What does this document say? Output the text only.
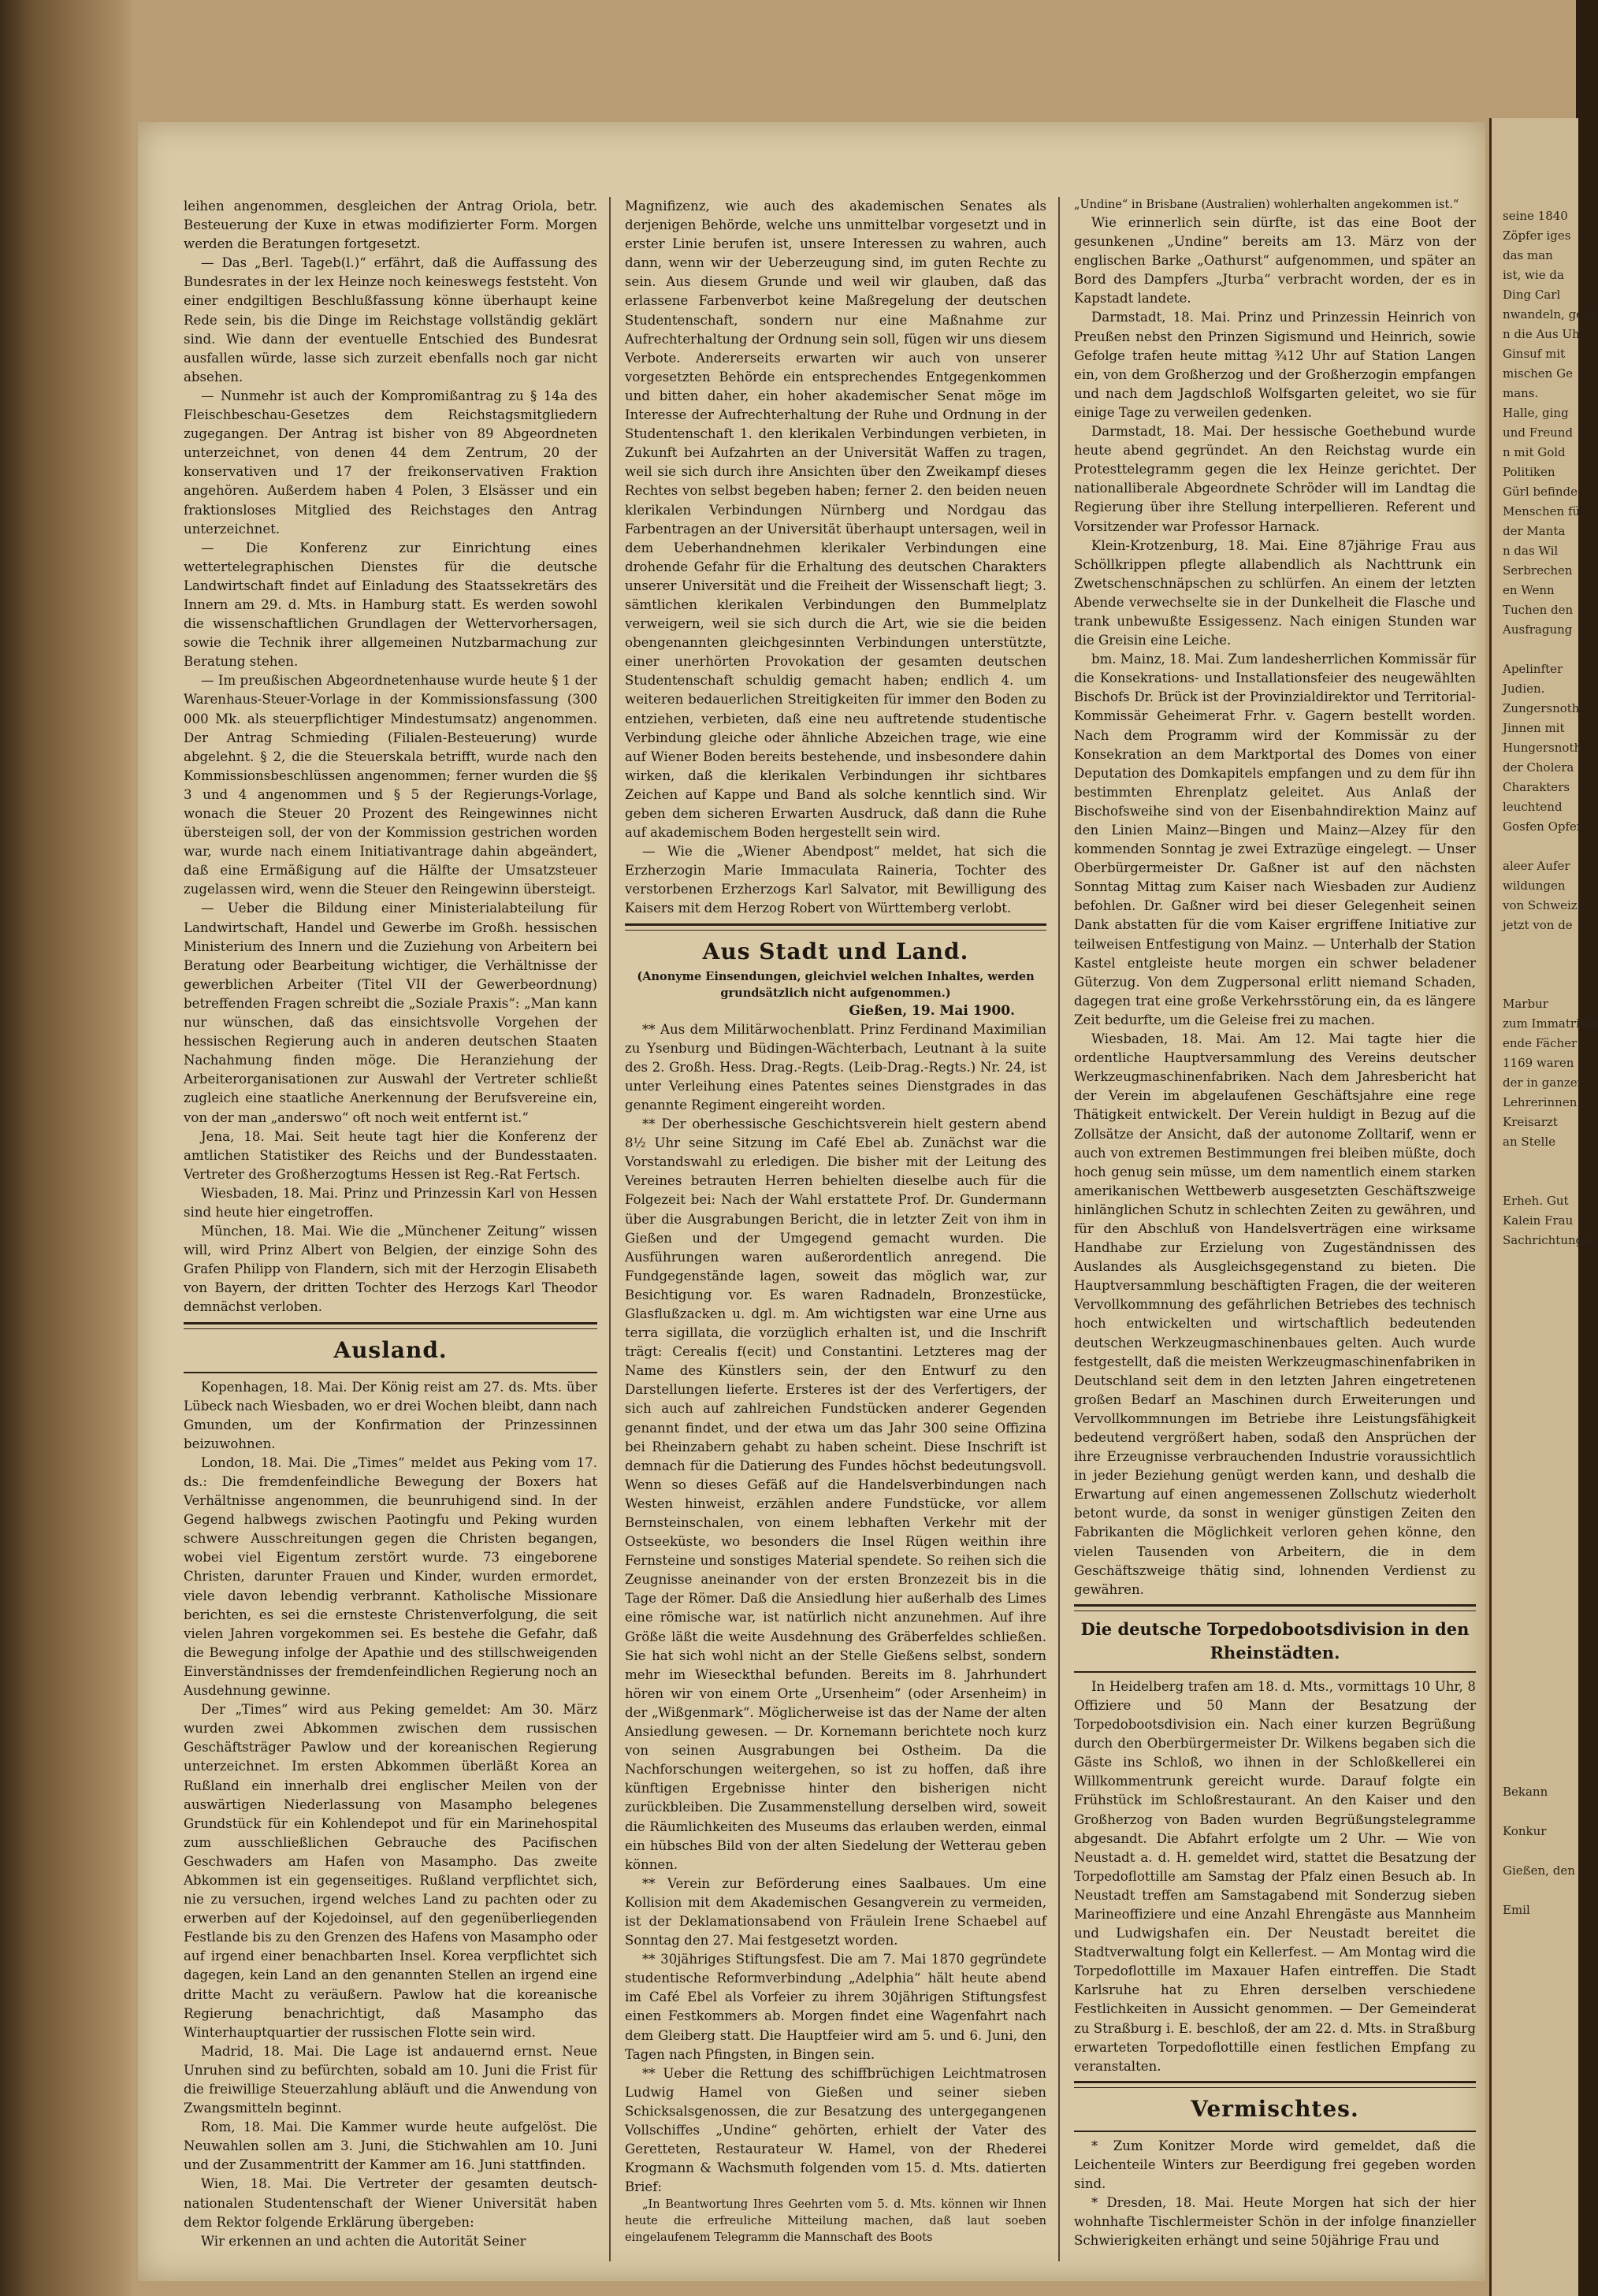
seine 1840
Zöpfer iges
das man
ist, wie da
Ding Carl
nwandeln, geht
n die Aus Uh
Ginsuf mit
mischen Ge
mans.
Halle, ging
und Freund
n mit Gold
Politiken
Gürl befinde
Menschen fü
der Manta
n das Wil
Serbrechen
en Wenn
Tuchen den
Ausfragung

Apelinfter
Judien.
Zungersnoth
Jinnen mit
Hungersnoth
der Cholera
Charakters
leuchtend
Gosfen Opfer

aleer Aufer
wildungen
von Schweiz
jetzt von de

Marbur
zum Immatrikul
ende Fächer
1169 waren
der in ganzer
Lehrerinnen
Kreisarzt
an Stelle

Erheh. Gut
Kalein Frau
Sachrichtunge

Bekann

Konkur

Gießen, den

Emil

leihen angenommen, desgleichen der Antrag Oriola, betr. Besteuerung der Kuxe in etwas modifizierter Form. Morgen werden die Beratungen fortgesetzt.

— Das „Berl. Tageb(l.)“ erfährt, daß die Auffassung des Bundesrates in der lex Heinze noch keineswegs feststeht. Von einer endgiltigen Beschlußfassung könne überhaupt keine Rede sein, bis die Dinge im Reichstage vollständig geklärt sind. Wie dann der eventuelle Entschied des Bundesrat ausfallen würde, lasse sich zurzeit ebenfalls noch gar nicht absehen.

— Nunmehr ist auch der Kompromißantrag zu § 14a des Fleischbeschau-Gesetzes dem Reichstagsmitgliedern zugegangen. Der Antrag ist bisher von 89 Abgeordneten unterzeichnet, von denen 44 dem Zentrum, 20 der konservativen und 17 der freikonservativen Fraktion angehören. Außerdem haben 4 Polen, 3 Elsässer und ein fraktionsloses Mitglied des Reichstages den Antrag unterzeichnet.

— Die Konferenz zur Einrichtung eines wettertelegraphischen Dienstes für die deutsche Landwirtschaft findet auf Einladung des Staatssekretärs des Innern am 29. d. Mts. in Hamburg statt. Es werden sowohl die wissenschaftlichen Grundlagen der Wettervorhersagen, sowie die Technik ihrer allgemeinen Nutzbarmachung zur Beratung stehen.

— Im preußischen Abgeordnetenhause wurde heute § 1 der Warenhaus-Steuer-Vorlage in der Kommissionsfassung (300 000 Mk. als steuerpflichtiger Mindestumsatz) angenommen. Der Antrag Schmieding (Filialen-Besteuerung) wurde abgelehnt. § 2, die die Steuerskala betrifft, wurde nach den Kommissionsbeschlüssen angenommen; ferner wurden die §§ 3 und 4 angenommen und § 5 der Regierungs-Vorlage, wonach die Steuer 20 Prozent des Reingewinnes nicht übersteigen soll, der von der Kommission gestrichen worden war, wurde nach einem Initiativantrage dahin abgeändert, daß eine Ermäßigung auf die Hälfte der Umsatzsteuer zugelassen wird, wenn die Steuer den Reingewinn übersteigt.

— Ueber die Bildung einer Ministerialabteilung für Landwirtschaft, Handel und Gewerbe im Großh. hessischen Ministerium des Innern und die Zuziehung von Arbeitern bei Beratung oder Bearbeitung wichtiger, die Verhältnisse der gewerblichen Arbeiter (Titel VII der Gewerbeordnung) betreffenden Fragen schreibt die „Soziale Praxis“: „Man kann nur wünschen, daß das einsichtsvolle Vorgehen der hessischen Regierung auch in anderen deutschen Staaten Nachahmung finden möge. Die Heranziehung der Arbeiterorganisationen zur Auswahl der Vertreter schließt zugleich eine staatliche Anerkennung der Berufsvereine ein, von der man „anderswo“ oft noch weit entfernt ist.“

Jena, 18. Mai. Seit heute tagt hier die Konferenz der amtlichen Statistiker des Reichs und der Bundesstaaten. Vertreter des Großherzogtums Hessen ist Reg.-Rat Fertsch.

Wiesbaden, 18. Mai. Prinz und Prinzessin Karl von Hessen sind heute hier eingetroffen.

München, 18. Mai. Wie die „Münchener Zeitung“ wissen will, wird Prinz Albert von Belgien, der einzige Sohn des Grafen Philipp von Flandern, sich mit der Herzogin Elisabeth von Bayern, der dritten Tochter des Herzogs Karl Theodor demnächst verloben.

Ausland.

Kopenhagen, 18. Mai. Der König reist am 27. ds. Mts. über Lübeck nach Wiesbaden, wo er drei Wochen bleibt, dann nach Gmunden, um der Konfirmation der Prinzessinnen beizuwohnen.

London, 18. Mai. Die „Times“ meldet aus Peking vom 17. ds.: Die fremdenfeindliche Bewegung der Boxers hat Verhältnisse angenommen, die beunruhigend sind. In der Gegend halbwegs zwischen Paotingfu und Peking wurden schwere Ausschreitungen gegen die Christen begangen, wobei viel Eigentum zerstört wurde. 73 eingeborene Christen, darunter Frauen und Kinder, wurden ermordet, viele davon lebendig verbrannt. Katholische Missionare berichten, es sei die ernsteste Christenverfolgung, die seit vielen Jahren vorgekommen sei. Es bestehe die Gefahr, daß die Bewegung infolge der Apathie und des stillschweigenden Einverständnisses der fremdenfeindlichen Regierung noch an Ausdehnung gewinne.

Der „Times“ wird aus Peking gemeldet: Am 30. März wurden zwei Abkommen zwischen dem russischen Geschäftsträger Pawlow und der koreanischen Regierung unterzeichnet. Im ersten Abkommen überläßt Korea an Rußland ein innerhalb drei englischer Meilen von der auswärtigen Niederlassung von Masampho belegenes Grundstück für ein Kohlendepot und für ein Marinehospital zum ausschließlichen Gebrauche des Pacifischen Geschwaders am Hafen von Masampho. Das zweite Abkommen ist ein gegenseitiges. Rußland verpflichtet sich, nie zu versuchen, irgend welches Land zu pachten oder zu erwerben auf der Kojedoinsel, auf den gegenüberliegenden Festlande bis zu den Grenzen des Hafens von Masampho oder auf irgend einer benachbarten Insel. Korea verpflichtet sich dagegen, kein Land an den genannten Stellen an irgend eine dritte Macht zu veräußern. Pawlow hat die koreanische Regierung benachrichtigt, daß Masampho das Winterhauptquartier der russischen Flotte sein wird.

Madrid, 18. Mai. Die Lage ist andauernd ernst. Neue Unruhen sind zu befürchten, sobald am 10. Juni die Frist für die freiwillige Steuerzahlung abläuft und die Anwendung von Zwangsmitteln beginnt.

Rom, 18. Mai. Die Kammer wurde heute aufgelöst. Die Neuwahlen sollen am 3. Juni, die Stichwahlen am 10. Juni und der Zusammentritt der Kammer am 16. Juni stattfinden.

Wien, 18. Mai. Die Vertreter der gesamten deutsch-nationalen Studentenschaft der Wiener Universität haben dem Rektor folgende Erklärung übergeben:

Wir erkennen an und achten die Autorität Seiner

Magnifizenz, wie auch des akademischen Senates als derjenigen Behörde, welche uns unmittelbar vorgesetzt und in erster Linie berufen ist, unsere Interessen zu wahren, auch dann, wenn wir der Ueberzeugung sind, im guten Rechte zu sein. Aus diesem Grunde und weil wir glauben, daß das erlassene Farbenverbot keine Maßregelung der deutschen Studentenschaft, sondern nur eine Maßnahme zur Aufrechterhaltung der Ordnung sein soll, fügen wir uns diesem Verbote. Andererseits erwarten wir auch von unserer vorgesetzten Behörde ein entsprechendes Entgegenkommen und bitten daher, ein hoher akademischer Senat möge im Interesse der Aufrechterhaltung der Ruhe und Ordnung in der Studentenschaft 1. den klerikalen Verbindungen verbieten, in Zukunft bei Aufzahrten an der Universität Waffen zu tragen, weil sie sich durch ihre Ansichten über den Zweikampf dieses Rechtes von selbst begeben haben; ferner 2. den beiden neuen klerikalen Verbindungen Nürnberg und Nordgau das Farbentragen an der Universität überhaupt untersagen, weil in dem Ueberhandnehmen klerikaler Verbindungen eine drohende Gefahr für die Erhaltung des deutschen Charakters unserer Universität und die Freiheit der Wissenschaft liegt; 3. sämtlichen klerikalen Verbindungen den Bummelplatz verweigern, weil sie sich durch die Art, wie sie die beiden obengenannten gleichgesinnten Verbindungen unterstützte, einer unerhörten Provokation der gesamten deutschen Studentenschaft schuldig gemacht haben; endlich 4. um weiteren bedauerlichen Streitigkeiten für immer den Boden zu entziehen, verbieten, daß eine neu auftretende studentische Verbindung gleiche oder ähnliche Abzeichen trage, wie eine auf Wiener Boden bereits bestehende, und insbesondere dahin wirken, daß die klerikalen Verbindungen ihr sichtbares Zeichen auf Kappe und Band als solche kenntlich sind. Wir geben dem sicheren Erwarten Ausdruck, daß dann die Ruhe auf akademischem Boden hergestellt sein wird.

— Wie die „Wiener Abendpost“ meldet, hat sich die Erzherzogin Marie Immaculata Raineria, Tochter des verstorbenen Erzherzogs Karl Salvator, mit Bewilligung des Kaisers mit dem Herzog Robert von Württemberg verlobt.

Aus Stadt und Land.
(Anonyme Einsendungen, gleichviel welchen Inhaltes, werden grundsätzlich nicht aufgenommen.)
Gießen, 19. Mai 1900.

** Aus dem Militärwochenblatt. Prinz Ferdinand Maximilian zu Ysenburg und Büdingen-Wächterbach, Leutnant à la suite des 2. Großh. Hess. Drag.-Regts. (Leib-Drag.-Regts.) Nr. 24, ist unter Verleihung eines Patentes seines Dienstgrades in das genannte Regiment eingereiht worden.

** Der oberhessische Geschichtsverein hielt gestern abend 8½ Uhr seine Sitzung im Café Ebel ab. Zunächst war die Vorstandswahl zu erledigen. Die bisher mit der Leitung des Vereines betrauten Herren behielten dieselbe auch für die Folgezeit bei: Nach der Wahl erstattete Prof. Dr. Gundermann über die Ausgrabungen Bericht, die in letzter Zeit von ihm in Gießen und der Umgegend gemacht wurden. Die Ausführungen waren außerordentlich anregend. Die Fundgegenstände lagen, soweit das möglich war, zur Besichtigung vor. Es waren Radnadeln, Bronzestücke, Glasflußzacken u. dgl. m. Am wichtigsten war eine Urne aus terra sigillata, die vorzüglich erhalten ist, und die Inschrift trägt: Cerealis f(ecit) und Constantini. Letzteres mag der Name des Künstlers sein, der den Entwurf zu den Darstellungen lieferte. Ersteres ist der des Verfertigers, der sich auch auf zahlreichen Fundstücken anderer Gegenden genannt findet, und der etwa um das Jahr 300 seine Offizina bei Rheinzabern gehabt zu haben scheint. Diese Inschrift ist demnach für die Datierung des Fundes höchst bedeutungsvoll. Wenn so dieses Gefäß auf die Handelsverbindungen nach Westen hinweist, erzählen andere Fundstücke, vor allem Bernsteinschalen, von einem lebhaften Verkehr mit der Ostseeküste, wo besonders die Insel Rügen weithin ihre Fernsteine und sonstiges Material spendete. So reihen sich die Zeugnisse aneinander von der ersten Bronzezeit bis in die Tage der Römer. Daß die Ansiedlung hier außerhalb des Limes eine römische war, ist natürlich nicht anzunehmen. Auf ihre Größe läßt die weite Ausdehnung des Gräberfeldes schließen. Sie hat sich wohl nicht an der Stelle Gießens selbst, sondern mehr im Wieseckthal befunden. Bereits im 8. Jahrhundert hören wir von einem Orte „Ursenheim“ (oder Arsenheim) in der „Wißgenmark“. Möglicherweise ist das der Name der alten Ansiedlung gewesen. — Dr. Kornemann berichtete noch kurz von seinen Ausgrabungen bei Ostheim. Da die Nachforschungen weitergehen, so ist zu hoffen, daß ihre künftigen Ergebnisse hinter den bisherigen nicht zurückbleiben. Die Zusammenstellung derselben wird, soweit die Räumlichkeiten des Museums das erlauben werden, einmal ein hübsches Bild von der alten Siedelung der Wetterau geben können.

** Verein zur Beförderung eines Saalbaues. Um eine Kollision mit dem Akademischen Gesangverein zu vermeiden, ist der Deklamationsabend von Fräulein Irene Schaebel auf Sonntag den 27. Mai festgesetzt worden.

** 30jähriges Stiftungsfest. Die am 7. Mai 1870 gegründete studentische Reformverbindung „Adelphia“ hält heute abend im Café Ebel als Vorfeier zu ihrem 30jährigen Stiftungsfest einen Festkommers ab. Morgen findet eine Wagenfahrt nach dem Gleiberg statt. Die Hauptfeier wird am 5. und 6. Juni, den Tagen nach Pfingsten, in Bingen sein.

** Ueber die Rettung des schiffbrüchigen Leichtmatrosen Ludwig Hamel von Gießen und seiner sieben Schicksalsgenossen, die zur Besatzung des untergegangenen Vollschiffes „Undine“ gehörten, erhielt der Vater des Geretteten, Restaurateur W. Hamel, von der Rhederei Krogmann & Wachsmuth folgenden vom 15. d. Mts. datierten Brief:

„In Beantwortung Ihres Geehrten vom 5. d. Mts. können wir Ihnen heute die erfreuliche Mitteilung machen, daß laut soeben eingelaufenem Telegramm die Mannschaft des Boots

„Undine“ in Brisbane (Australien) wohlerhalten angekommen ist.“

Wie erinnerlich sein dürfte, ist das eine Boot der gesunkenen „Undine“ bereits am 13. März von der englischen Barke „Oathurst“ aufgenommen, und später an Bord des Dampfers „Jturba“ verbracht worden, der es in Kapstadt landete.

Darmstadt, 18. Mai. Prinz und Prinzessin Heinrich von Preußen nebst den Prinzen Sigismund und Heinrich, sowie Gefolge trafen heute mittag ¾12 Uhr auf Station Langen ein, von dem Großherzog und der Großherzogin empfangen und nach dem Jagdschloß Wolfsgarten geleitet, wo sie für einige Tage zu verweilen gedenken.

Darmstadt, 18. Mai. Der hessische Goethebund wurde heute abend gegründet. An den Reichstag wurde ein Protesttelegramm gegen die lex Heinze gerichtet. Der nationalliberale Abgeordnete Schröder will im Landtag die Regierung über ihre Stellung interpellieren. Referent und Vorsitzender war Professor Harnack.

Klein-Krotzenburg, 18. Mai. Eine 87jährige Frau aus Schöllkrippen pflegte allabendlich als Nachttrunk ein Zwetschenschnäpschen zu schlürfen. An einem der letzten Abende verwechselte sie in der Dunkelheit die Flasche und trank unbewußte Essigessenz. Nach einigen Stunden war die Greisin eine Leiche.

bm. Mainz, 18. Mai. Zum landesherrlichen Kommissär für die Konsekrations- und Installationsfeier des neugewählten Bischofs Dr. Brück ist der Provinzialdirektor und Territorial-Kommissär Geheimerat Frhr. v. Gagern bestellt worden. Nach dem Programm wird der Kommissär zu der Konsekration an dem Marktportal des Domes von einer Deputation des Domkapitels empfangen und zu dem für ihn bestimmten Ehrenplatz geleitet. Aus Anlaß der Bischofsweihe sind von der Eisenbahndirektion Mainz auf den Linien Mainz—Bingen und Mainz—Alzey für den kommenden Sonntag je zwei Extrazüge eingelegt. — Unser Oberbürgermeister Dr. Gaßner ist auf den nächsten Sonntag Mittag zum Kaiser nach Wiesbaden zur Audienz befohlen. Dr. Gaßner wird bei dieser Gelegenheit seinen Dank abstatten für die vom Kaiser ergriffene Initiative zur teilweisen Entfestigung von Mainz. — Unterhalb der Station Kastel entgleiste heute morgen ein schwer beladener Güterzug. Von dem Zugpersonal erlitt niemand Schaden, dagegen trat eine große Verkehrsstörung ein, da es längere Zeit bedurfte, um die Geleise frei zu machen.

Wiesbaden, 18. Mai. Am 12. Mai tagte hier die ordentliche Hauptversammlung des Vereins deutscher Werkzeugmaschinenfabriken. Nach dem Jahresbericht hat der Verein im abgelaufenen Geschäftsjahre eine rege Thätigkeit entwickelt. Der Verein huldigt in Bezug auf die Zollsätze der Ansicht, daß der autonome Zolltarif, wenn er auch von extremen Bestimmungen frei bleiben müßte, doch hoch genug sein müsse, um dem namentlich einem starken amerikanischen Wettbewerb ausgesetzten Geschäftszweige hinlänglichen Schutz in schlechten Zeiten zu gewähren, und für den Abschluß von Handelsverträgen eine wirksame Handhabe zur Erzielung von Zugeständnissen des Auslandes als Ausgleichsgegenstand zu bieten. Die Hauptversammlung beschäftigten Fragen, die der weiteren Vervollkommnung des gefährlichen Betriebes des technisch hoch entwickelten und wirtschaftlich bedeutenden deutschen Werkzeugmaschinenbaues gelten. Auch wurde festgestellt, daß die meisten Werkzeugmaschinenfabriken in Deutschland seit dem in den letzten Jahren eingetretenen großen Bedarf an Maschinen durch Erweiterungen und Vervollkommnungen im Betriebe ihre Leistungsfähigkeit bedeutend vergrößert haben, sodaß den Ansprüchen der ihre Erzeugnisse verbrauchenden Industrie voraussichtlich in jeder Beziehung genügt werden kann, und deshalb die Erwartung auf einen angemessenen Zollschutz wiederholt betont wurde, da sonst in weniger günstigen Zeiten den Fabrikanten die Möglichkeit verloren gehen könne, den vielen Tausenden von Arbeitern, die in dem Geschäftszweige thätig sind, lohnenden Verdienst zu gewähren.

Die deutsche Torpedobootsdivision in den Rheinstädten.

In Heidelberg trafen am 18. d. Mts., vormittags 10 Uhr, 8 Offiziere und 50 Mann der Besatzung der Torpedobootsdivision ein. Nach einer kurzen Begrüßung durch den Oberbürgermeister Dr. Wilkens begaben sich die Gäste ins Schloß, wo ihnen in der Schloßkellerei ein Willkommentrunk gereicht wurde. Darauf folgte ein Frühstück im Schloßrestaurant. An den Kaiser und den Großherzog von Baden wurden Begrüßungstelegramme abgesandt. Die Abfahrt erfolgte um 2 Uhr. — Wie von Neustadt a. d. H. gemeldet wird, stattet die Besatzung der Torpedoflottille am Samstag der Pfalz einen Besuch ab. In Neustadt treffen am Samstagabend mit Sonderzug sieben Marineoffiziere und eine Anzahl Ehrengäste aus Mannheim und Ludwigshafen ein. Der Neustadt bereitet die Stadtverwaltung folgt ein Kellerfest. — Am Montag wird die Torpedoflottille im Maxauer Hafen eintreffen. Die Stadt Karlsruhe hat zu Ehren derselben verschiedene Festlichkeiten in Aussicht genommen. — Der Gemeinderat zu Straßburg i. E. beschloß, der am 22. d. Mts. in Straßburg erwarteten Torpedoflottille einen festlichen Empfang zu veranstalten.

Vermischtes.

* Zum Konitzer Morde wird gemeldet, daß die Leichenteile Winters zur Beerdigung frei gegeben worden sind.

* Dresden, 18. Mai. Heute Morgen hat sich der hier wohnhafte Tischlermeister Schön in der infolge finanzieller Schwierigkeiten erhängt und seine 50jährige Frau und
